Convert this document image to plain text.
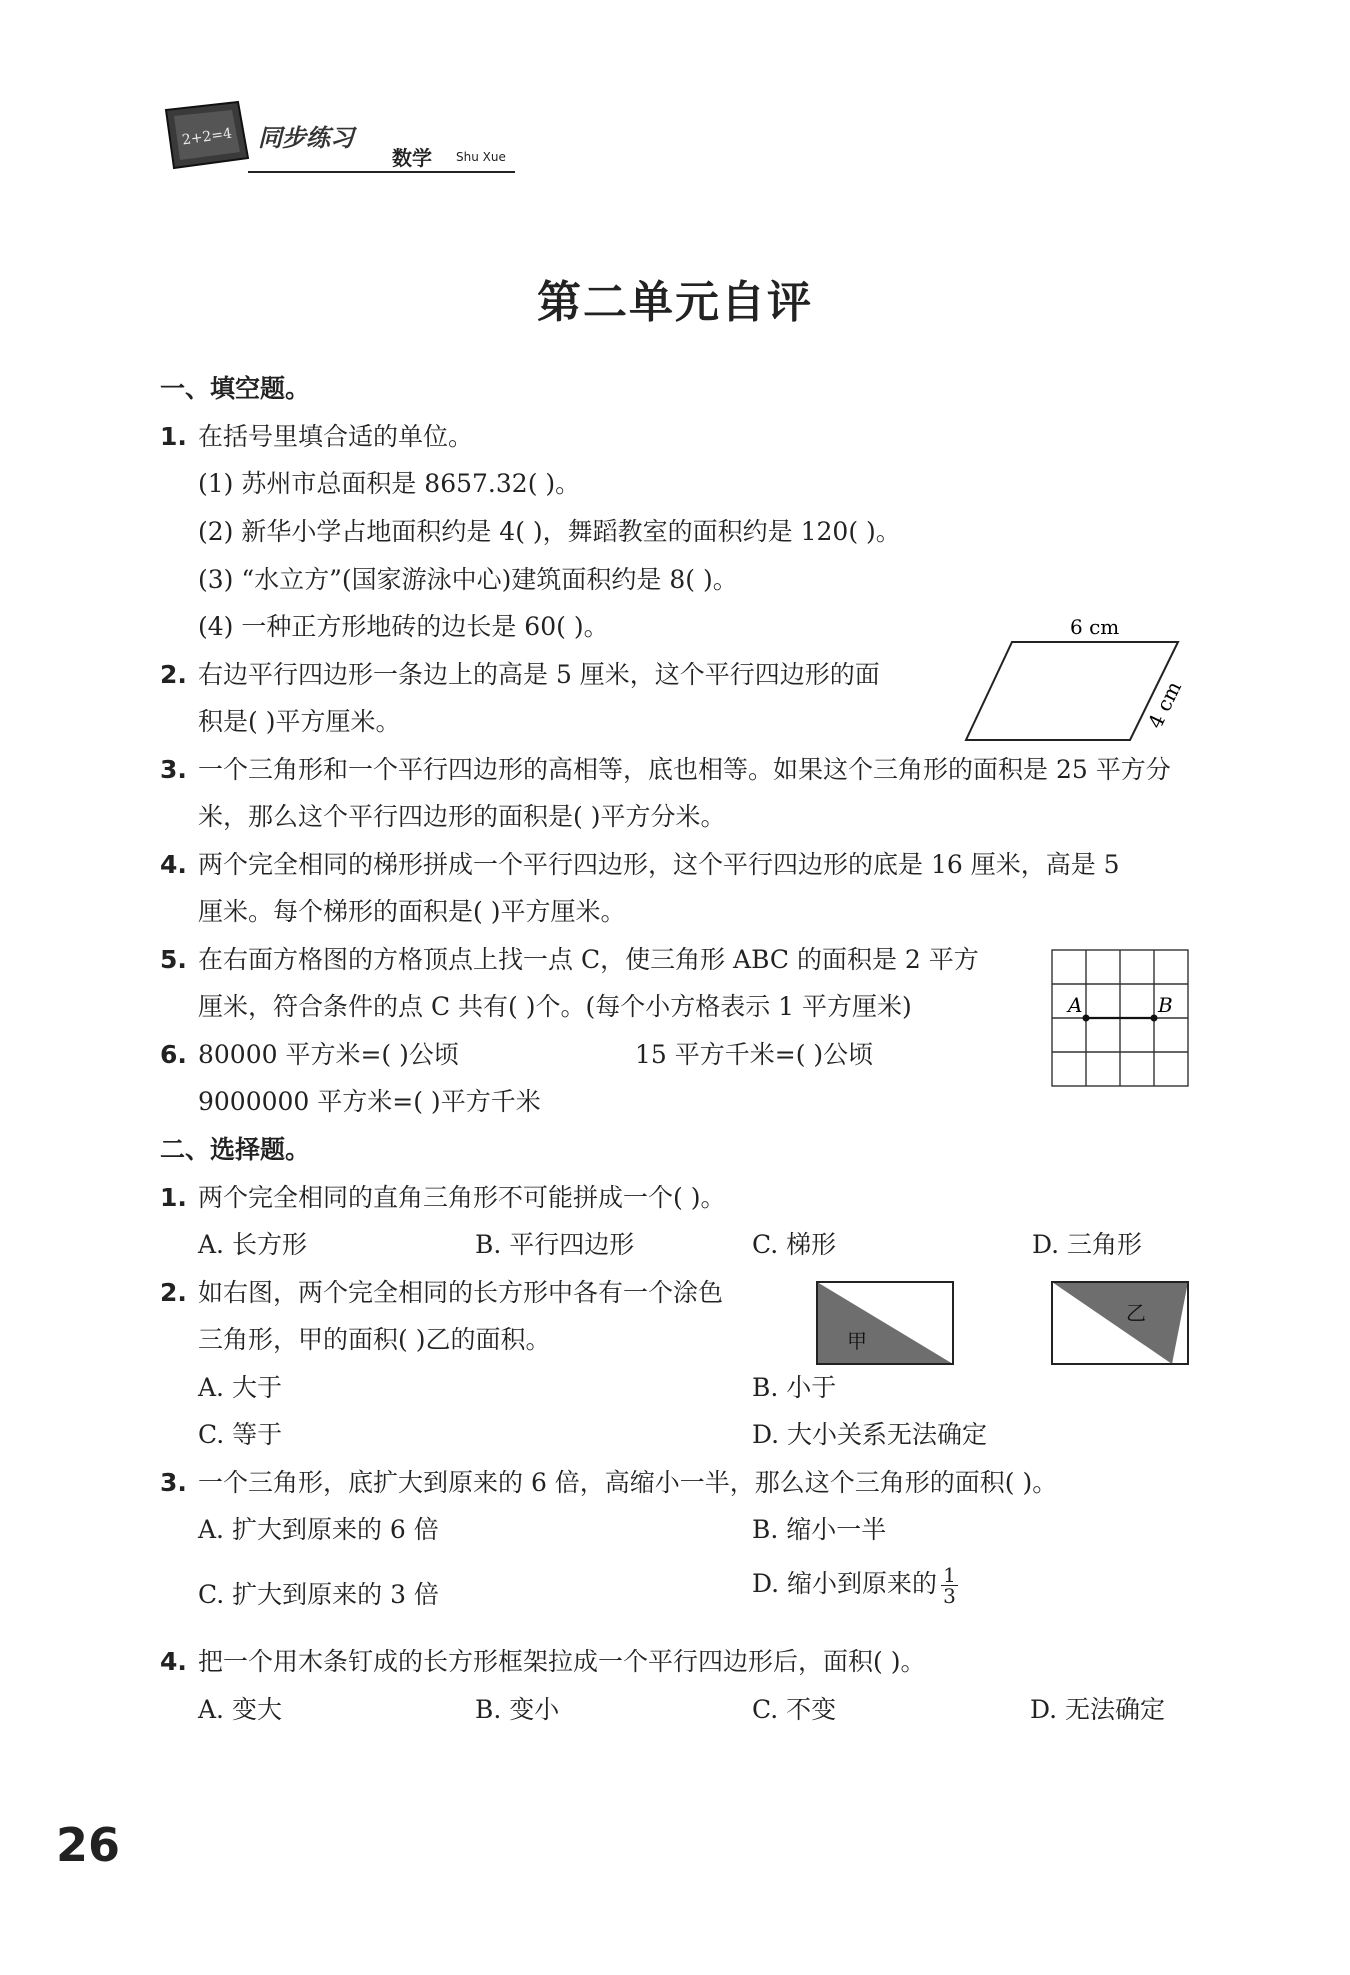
2+2=4 同步练习
数学 Shu Xue
第二单元自评
一、填空题。
1. 在括号里填合适的单位。
(1) 苏州市总面积是 8657.32( )。
(2) 新华小学占地面积约是 4( )，舞蹈教室的面积约是 120( )。
(3) “水立方”(国家游泳中心)建筑面积约是 8( )。
(4) 一种正方形地砖的边长是 60( )。
2. 右边平行四边形一条边上的高是 5 厘米，这个平行四边形的面
积是( )平方厘米。
6 cm
4 cm
3. 一个三角形和一个平行四边形的高相等，底也相等。如果这个三角形的面积是 25 平方分
米，那么这个平行四边形的面积是( )平方分米。
4. 两个完全相同的梯形拼成一个平行四边形，这个平行四边形的底是 16 厘米，高是 5
厘米。每个梯形的面积是( )平方厘米。
5. 在右面方格图的方格顶点上找一点 C，使三角形 ABC 的面积是 2 平方
厘米，符合条件的点 C 共有( )个。(每个小方格表示 1 平方厘米)	A	B
6. 80000 平方米=( )公顷	15 平方千米=( )公顷
9000000 平方米=( )平方千米
二、选择题。
1. 两个完全相同的直角三角形不可能拼成一个( )。
A. 长方形	B. 平行四边形	C. 梯形	D. 三角形
2. 如右图，两个完全相同的长方形中各有一个涂色
三角形，甲的面积( )乙的面积。	甲
乙
A. 大于	B. 小于
C. 等于	D. 大小关系无法确定
3. 一个三角形，底扩大到原来的 6 倍，高缩小一半，那么这个三角形的面积( )。
A. 扩大到原来的 6 倍	B. 缩小一半
C. 扩大到原来的 3 倍	D. 缩小到原来的 $\frac{1}{3}$
4. 把一个用木条钉成的长方形框架拉成一个平行四边形后，面积( )。
A. 变大	B. 变小	C. 不变	D. 无法确定
26
